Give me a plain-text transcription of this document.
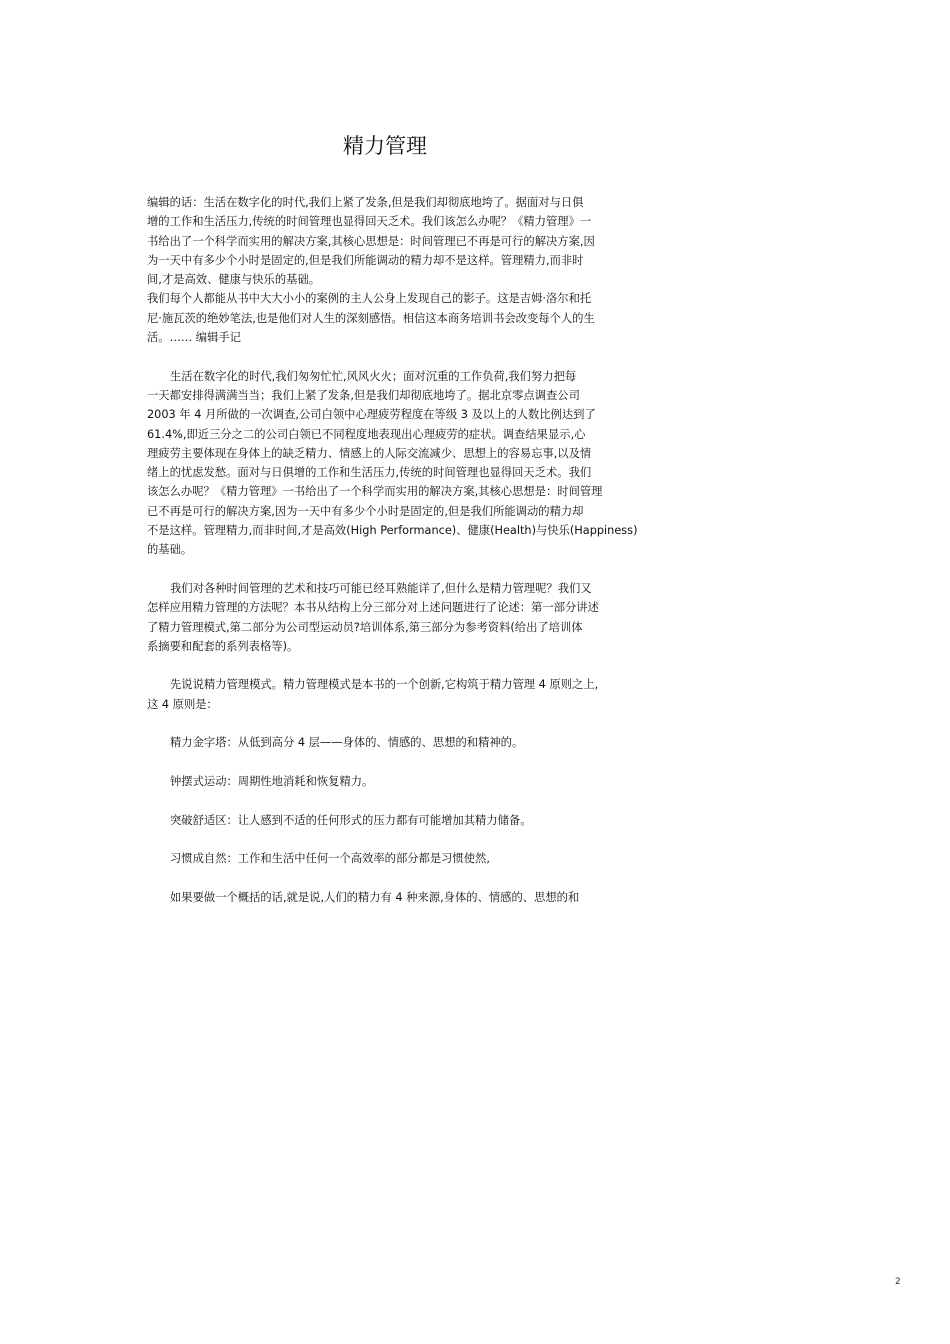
精力管理
编辑的话：生活在数字化的时代,我们上紧了发条,但是我们却彻底地垮了。据面对与日俱
增的工作和生活压力,传统的时间管理也显得回天乏术。我们该怎么办呢？《精力管理》一
书给出了一个科学而实用的解决方案,其核心思想是：时间管理已不再是可行的解决方案,因
为一天中有多少个小时是固定的,但是我们所能调动的精力却不是这样。管理精力,而非时
间,才是高效、健康与快乐的基础。
我们每个人都能从书中大大小小的案例的主人公身上发现自己的影子。这是吉姆·洛尔和托
尼·施瓦茨的绝妙笔法,也是他们对人生的深刻感悟。相信这本商务培训书会改变每个人的生
活。…… 编辑手记
生活在数字化的时代,我们匆匆忙忙,风风火火；面对沉重的工作负荷,我们努力把每
一天都安排得满满当当；我们上紧了发条,但是我们却彻底地垮了。据北京零点调查公司
2003 年 4 月所做的一次调查,公司白领中心理疲劳程度在等级 3 及以上的人数比例达到了
61.4%,即近三分之二的公司白领已不同程度地表现出心理疲劳的症状。调查结果显示,心
理疲劳主要体现在身体上的缺乏精力、情感上的人际交流减少、思想上的容易忘事,以及情
绪上的忧虑发愁。面对与日俱增的工作和生活压力,传统的时间管理也显得回天乏术。我们
该怎么办呢？《精力管理》一书给出了一个科学而实用的解决方案,其核心思想是：时间管理
已不再是可行的解决方案,因为一天中有多少个小时是固定的,但是我们所能调动的精力却
不是这样。管理精力,而非时间,才是高效(High Performance)、健康(Health)与快乐(Happiness)
的基础。
我们对各种时间管理的艺术和技巧可能已经耳熟能详了,但什么是精力管理呢？我们又
怎样应用精力管理的方法呢？本书从结构上分三部分对上述问题进行了论述：第一部分讲述
了精力管理模式,第二部分为公司型运动员?培训体系,第三部分为参考资料(给出了培训体
系摘要和配套的系列表格等)。
先说说精力管理模式。精力管理模式是本书的一个创新,它构筑于精力管理 4 原则之上,
这 4 原则是：
精力金字塔：从低到高分 4 层——身体的、情感的、思想的和精神的。
钟摆式运动：周期性地消耗和恢复精力。
突破舒适区：让人感到不适的任何形式的压力都有可能增加其精力储备。
习惯成自然：工作和生活中任何一个高效率的部分都是习惯使然,
如果要做一个概括的话,就是说,人们的精力有 4 种来源,身体的、情感的、思想的和
2
